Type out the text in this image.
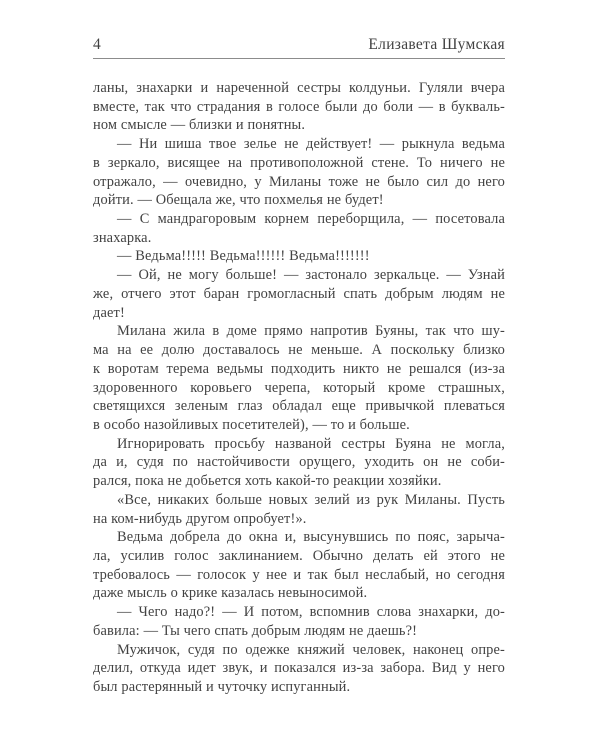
4	Елизавета Шумская
ланы, знахарки и нареченной сестры колдуньи. Гуляли вчера
вместе, так что страдания в голосе были до боли — в букваль-
ном смысле — близки и понятны.
— Ни шиша твое зелье не действует! — рыкнула ведьма
в зеркало, висящее на противоположной стене. То ничего не
отражало, — очевидно, у Миланы тоже не было сил до него
дойти. — Обещала же, что похмелья не будет!
— С мандрагоровым корнем переборщила, — посетовала
знахарка.
— Ведьма!!!!! Ведьма!!!!!! Ведьма!!!!!!!
— Ой, не могу больше! — застонало зеркальце. — Узнай
же, отчего этот баран громогласный спать добрым людям не
дает!
Милана жила в доме прямо напротив Буяны, так что шу-
ма на ее долю доставалось не меньше. А поскольку близко
к воротам терема ведьмы подходить никто не решался (из-за
здоровенного коровьего черепа, который кроме страшных,
светящихся зеленым глаз обладал еще привычкой плеваться
в особо назойливых посетителей), — то и больше.
Игнорировать просьбу названой сестры Буяна не могла,
да и, судя по настойчивости орущего, уходить он не соби-
рался, пока не добьется хоть какой-то реакции хозяйки.
«Все, никаких больше новых зелий из рук Миланы. Пусть
на ком-нибудь другом опробует!».
Ведьма добрела до окна и, высунувшись по пояс, зарыча-
ла, усилив голос заклинанием. Обычно делать ей этого не
требовалось — голосок у нее и так был неслабый, но сегодня
даже мысль о крике казалась невыносимой.
— Чего надо?! — И потом, вспомнив слова знахарки, до-
бавила: — Ты чего спать добрым людям не даешь?!
Мужичок, судя по одежке княжий человек, наконец опре-
делил, откуда идет звук, и показался из-за забора. Вид у него
был растерянный и чуточку испуганный.
